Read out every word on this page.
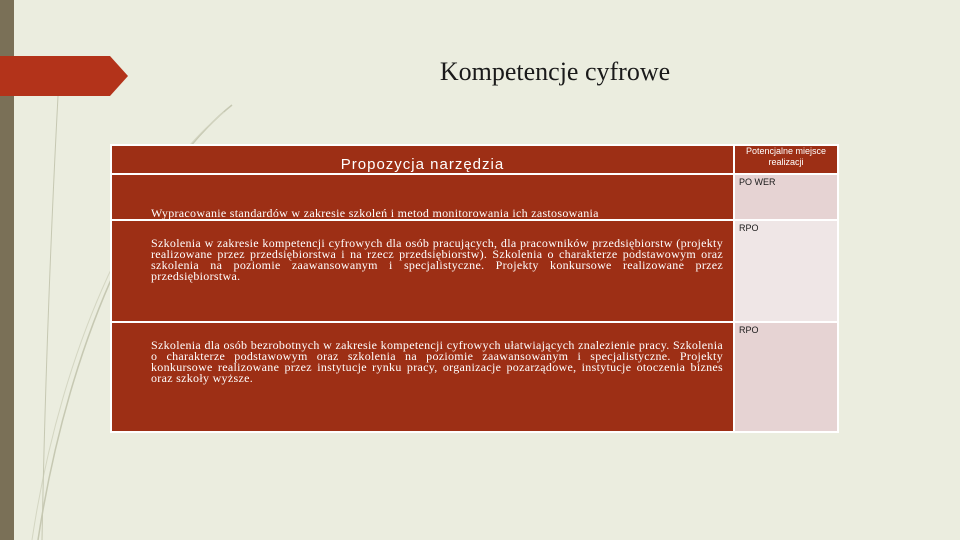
Kompetencje cyfrowe
Propozycja narzędzia	Potencjalne miejsce realizacji

Wypracowanie standardów w zakresie szkoleń i metod monitorowania ich zastosowania	PO WER

Szkolenia w zakresie kompetencji cyfrowych dla osób pracujących, dla pracowników przedsiębiorstw (projekty realizowane przez przedsiębiorstwa i na rzecz przedsiębiorstw). Szkolenia o charakterze podstawowym oraz szkolenia na poziomie zaawansowanym i specjalistyczne. Projekty konkursowe realizowane przez przedsiębiorstwa.	RPO

Szkolenia dla osób bezrobotnych w zakresie kompetencji cyfrowych ułatwiających znalezienie pracy. Szkolenia o charakterze podstawowym oraz szkolenia na poziomie zaawansowanym i specjalistyczne. Projekty konkursowe realizowane przez instytucje rynku pracy, organizacje pozarządowe, instytucje otoczenia biznes oraz szkoły wyższe.	RPO
